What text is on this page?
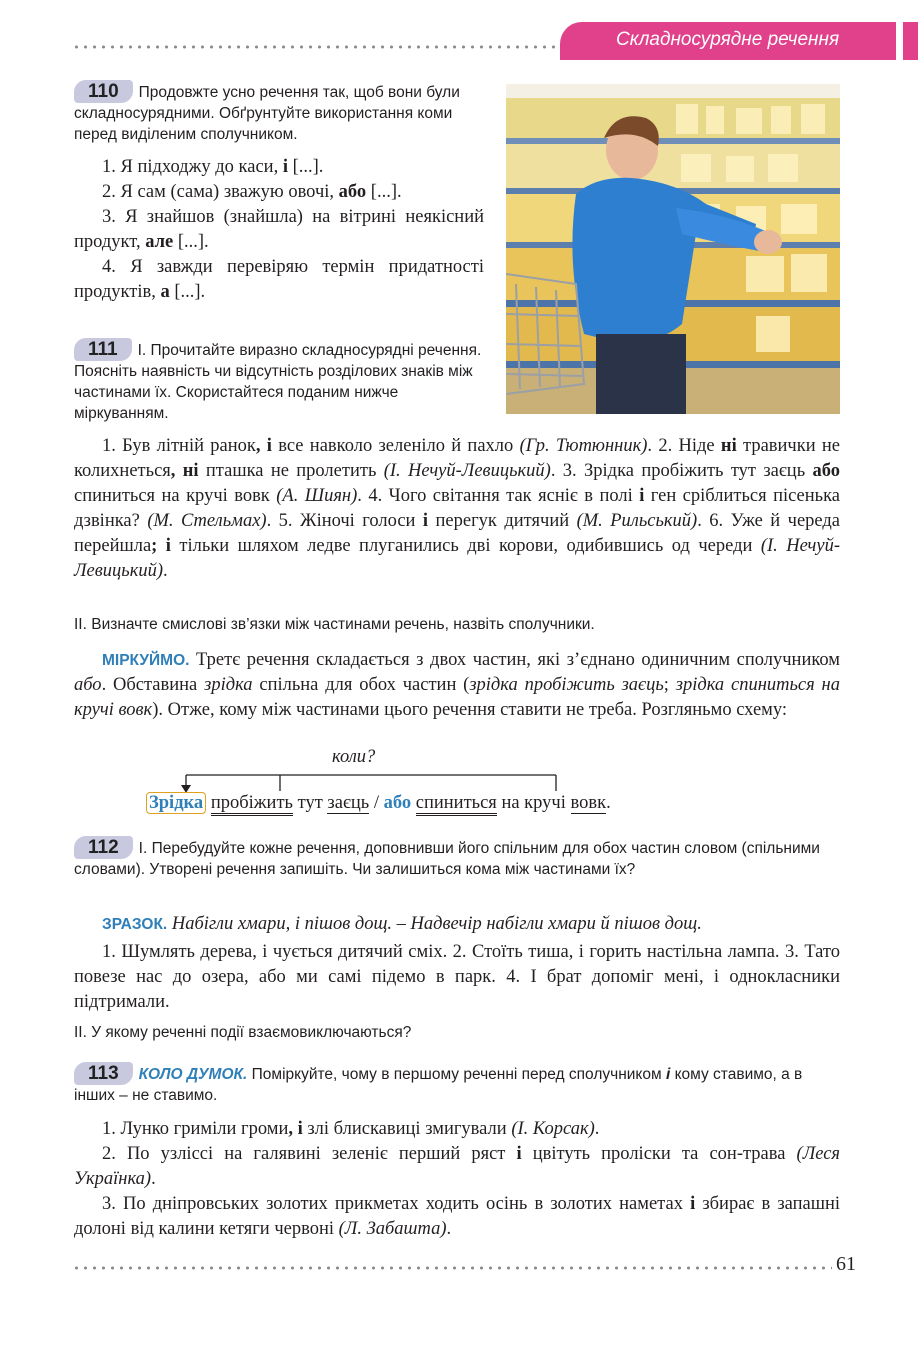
Складносурядне речення

110 Продовжте усно речення так, щоб вони були складносурядними. Обґрунтуйте використання коми перед виділеним сполучником.

1. Я підходжу до каси, і [...].

2. Я сам (сама) зважую овочі, або [...].

3. Я знайшов (знайшла) на вітрині неякісний продукт, але [...].

4. Я завжди перевіряю термін придатності продуктів, а [...].

111 І. Прочитайте виразно складносурядні речення. Поясніть наявність чи відсутність розділових знаків між частинами їх. Скористайтеся поданим нижче міркуванням.

1. Був літній ранок, і все навколо зеленіло й пахло (Гр. Тютюнник). 2. Ніде ні травички не колихнеться, ні пташка не пролетить (І. Нечуй-Левицький). 3. Зрідка пробіжить тут заєць або спиниться на кручі вовк (А. Шиян). 4. Чого світання так ясніє в полі і ген сріблиться пісенька дзвінка? (М. Стельмах). 5. Жіночі голоси і перегук дитячий (М. Рильський). 6. Уже й череда перейшла; і тільки шляхом ледве плуганились дві корови, одибившись од череди (І. Нечуй-Левицький).

ІІ. Визначте смислові зв’язки між частинами речень, назвіть сполучники.

МІРКУЙМО. Третє речення складається з двох частин, які з’єднано одиничним сполучником або. Обставина зрідка спільна для обох частин (зрідка пробіжить заєць; зрідка спиниться на кручі вовк). Отже, кому між частинами цього речення ставити не треба. Розгляньмо схему:

коли?
Зрідка пробіжить тут заєць / або спиниться на кручі вовк.

112 І. Перебудуйте кожне речення, доповнивши його спільним для обох частин словом (спільними словами). Утворені речення запишіть. Чи залишиться кома між частинами їх?

ЗРАЗОК. Набігли хмари, і пішов дощ. – Надвечір набігли хмари й пішов дощ.

1. Шумлять дерева, і чується дитячий сміх. 2. Стоїть тиша, і горить настільна лампа. 3. Тато повезе нас до озера, або ми самі підемо в парк. 4. І брат допоміг мені, і однокласники підтримали.

ІІ. У якому реченні події взаємовиключаються?

113 КОЛО ДУМОК. Поміркуйте, чому в першому реченні перед сполучником і кому ставимо, а в інших – не ставимо.

1. Лунко гриміли громи, і злі блискавиці змигували (І. Корсак).

2. По узліссі на галявині зеленіє перший ряст і цвітуть проліски та сон-трава (Леся Українка).

3. По дніпровських золотих прикметах ходить осінь в золотих наметах і збирає в запашні долоні від калини кетяги червоні (Л. Забашта).

61
